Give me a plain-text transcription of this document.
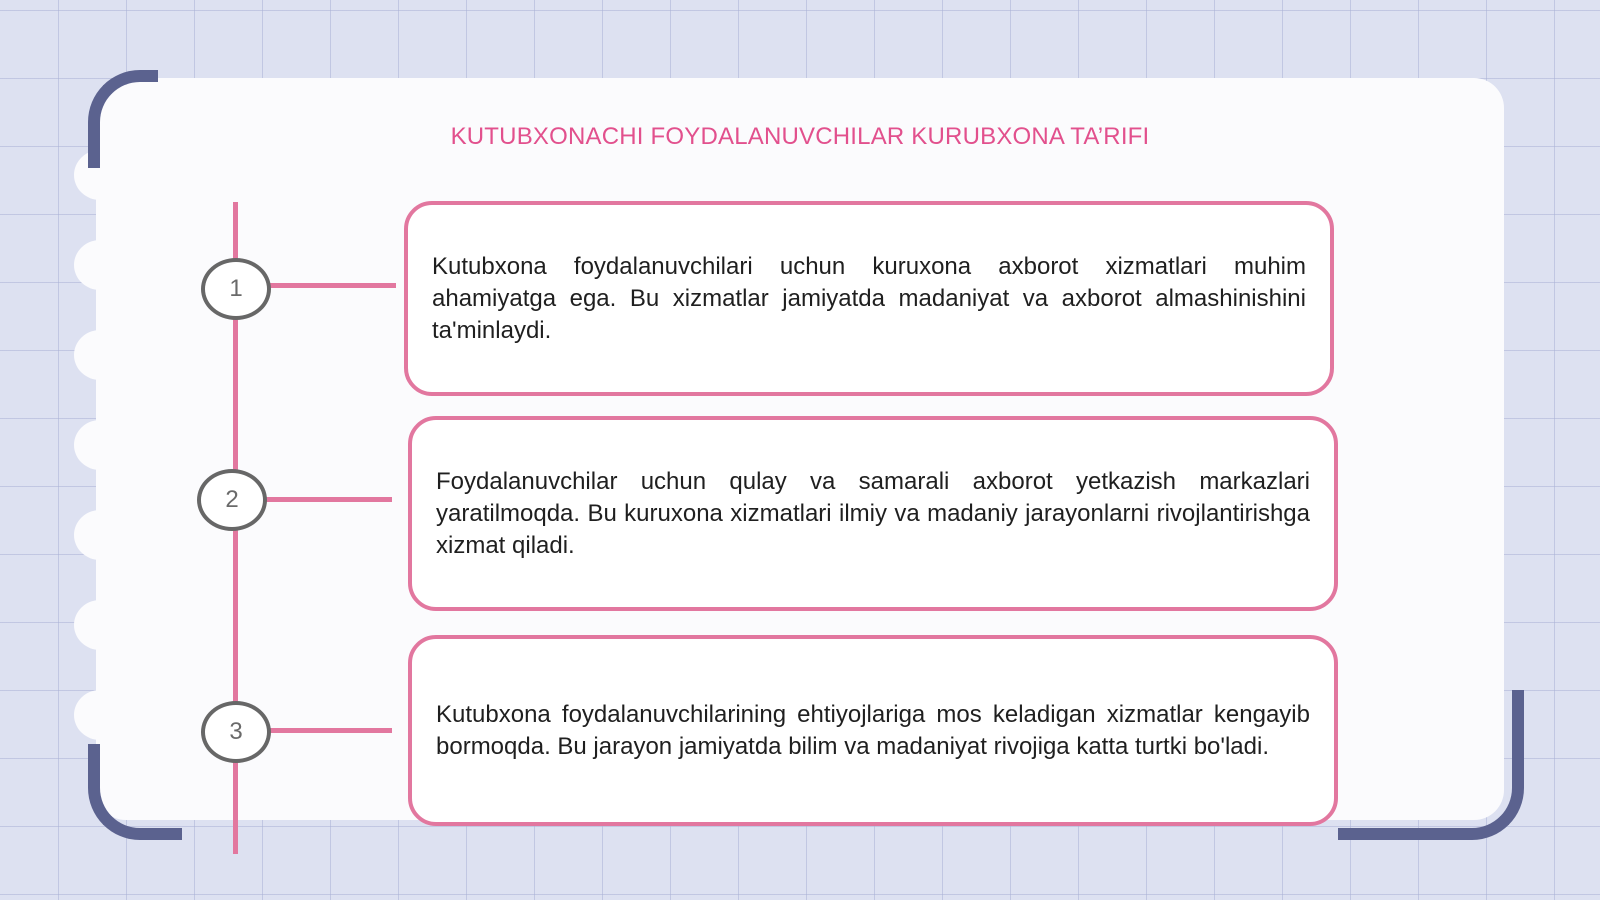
KUTUBXONACHI FOYDALANUVCHILAR KURUBXONA TA’RIFI
1
2
3

Kutubxona foydalanuvchilari uchun kuruxona axborot xizmatlari muhim ahamiyatga ega. Bu xizmatlar jamiyatda madaniyat va axborot almashinishini ta'minlaydi.

Foydalanuvchilar uchun qulay va samarali axborot yetkazish markazlari yaratilmoqda. Bu kuruxona xizmatlari ilmiy va madaniy jarayonlarni rivojlantirishga xizmat qiladi.

Kutubxona foydalanuvchilarining ehtiyojlariga mos keladigan xizmatlar kengayib bormoqda. Bu jarayon jamiyatda bilim va madaniyat rivojiga katta turtki bo'ladi.
